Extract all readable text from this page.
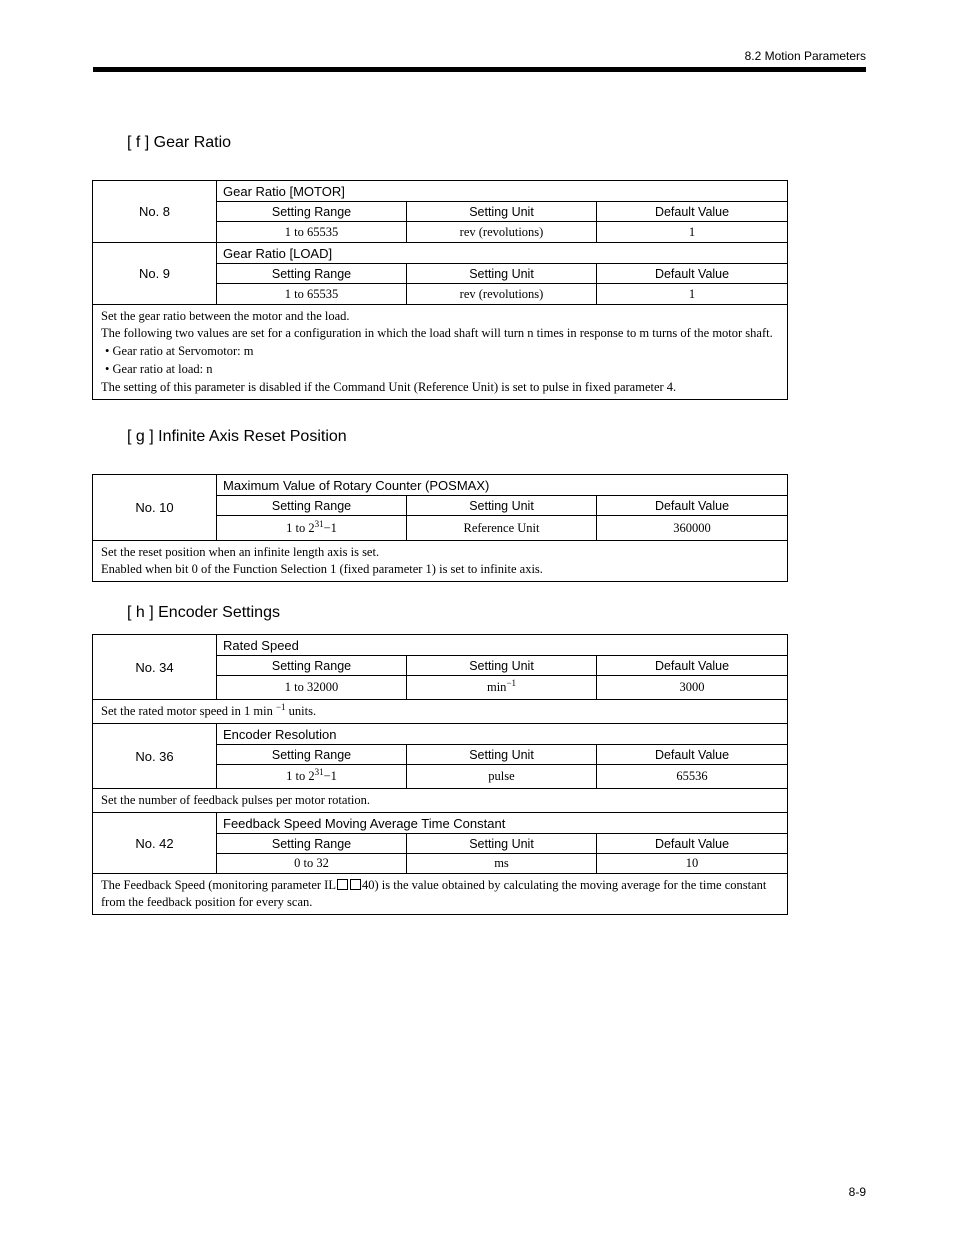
8.2 Motion Parameters
[ f ] Gear Ratio
No. 8	Gear Ratio [MOTOR]		
	Setting Range	Setting Unit	Default Value
	1 to 65535	rev (revolutions)	1
No. 9	Gear Ratio [LOAD]		
	Setting Range	Setting Unit	Default Value
	1 to 65535	rev (revolutions)	1

Set the gear ratio between the motor and the load.
The following two values are set for a configuration in which the load shaft will turn n times in response to m turns of the motor shaft.
• Gear ratio at Servomotor: m
• Gear ratio at load: n
The setting of this parameter is disabled if the Command Unit (Reference Unit) is set to pulse in fixed parameter 4.			
[ g ] Infinite Axis Reset Position
No. 10	Maximum Value of Rotary Counter (POSMAX)		
	Setting Range	Setting Unit	Default Value
	1 to $2^{31}-1$	Reference Unit	360000

Set the reset position when an infinite length axis is set.
Enabled when bit 0 of the Function Selection 1 (fixed parameter 1) is set to infinite axis.			
[ h ] Encoder Settings
No. 34	Rated Speed		
	Setting Range	Setting Unit	Default Value
	1 to 32000	$\min^{-1}$	3000
Set the rated motor speed in 1 min $^{-1}$ units.			
No. 36	Encoder Resolution		
	Setting Range	Setting Unit	Default Value
	1 to $2^{31}-1$	pulse	65536
Set the number of feedback pulses per motor rotation.			
No. 42	Feedback Speed Moving Average Time Constant		
	Setting Range	Setting Unit	Default Value
	0 to 32	ms	10
The Feedback Speed (monitoring parameter IL 40) is the value obtained by calculating the moving average for the time constant from the feedback position for every scan.			
8-9
